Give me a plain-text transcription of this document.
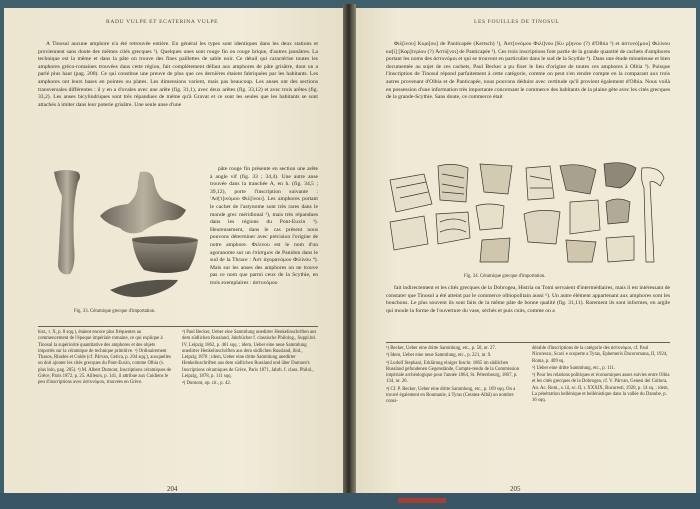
RADU VULPE ET ECATERINA VULPE

A Tinosul aucune amphore n'a été retrouvée entière. En général les types sont identiques dans les deux stations et proviennent sans doute des mêmes cités grecques ¹). Quelques unes sont rouge fin ou rouge brique, d'autres jaunâtres. La technique est la même et dans la pâte on trouve des fines paillettes de sable noir. Ce détail qui caractérise toutes les amphores gréco-romaines trouvées dans cette région, fait complètement défaut aux amphores de pâte grisâtre, dont on a parlé plus haut (pag. 200). Ce qui constitue une preuve de plus que ces dernières étaient fabriquées par les habitants. Les amphores ont leurs bases en pointes ou plates. Les dimensions varient, mais pas beaucoup. Les anses ont des sections transversales différentes : il y en a d'ovales avec une arête (fig. 31,1), avec deux arêtes (fig. 33,12) et avec trois arêtes (fig. 33,2). Les anses bicylindriques sont très répandues de même qu'à Gravat et ce sont les seules que les habitants se sont attachés à imiter dans leur poterie grisâtre. Une seule anse d'une

Fig. 33. Céramique grecque d'importation.

pâte rouge fin présente en section une arête à angle vif (fig. 33 ; 34,4). Une autre anse trouvée dans la tranchée A, en h. (fig. 34,5 ; 39,12), porte l'inscription suivante : ʹΑσ[τ]ινόμου Φιλ[ίνου]. Les amphores portant le cachet de l'astynome sont très rares dans le monde grec méridional ²), mais très répandues dans les régions du Pont-Euxin ³). Heureusement, dans le cas présent nous pouvons déterminer avec précision l'origine de notre amphore. Φιλίνου est le nom d'un agoranome sur un ἐπίσημον de Panidon dans le sud de la Thrace : Ἀστ ἀγορανόμου Φιλίνου ⁴). Mais sur les anses des amphores on ne trouve pas ce nom que parmi ceux de la Scythie, en trois exemplaires : ἀστυνόμου

hist., t. X, p. 8 sqq.), étaient encore plus fréquentes au commencement de l'époque impériale romaine, ce qui explique à Tinosul la supériorité quantitative des amphores et des objets importés sur la céramique de technique primitive. ¹) Ordinairement Thasos, Rhodes et Cnide (cf. Pârvan, Getica, p. 204 sqq.), auxquelles on doit ajouter les cités grecques du Pont-Euxin, comme Olbia (v. plus loin, pag. 205). ²) M. Albert Dumont, Inscriptions céramiques de Grèce, Paris 1872, p. 25. Ailleurs, p. 141, il attribue aux Cnidiens le peu d'inscriptions avec ἀστυνόμου, trouvées en Grèce.

³) Paul Becker, Ueber eine Sammlung unedirter Henkelinschriften aus dem südlichen Russland, Jahrbücher f. classische Philolog., Suppl.bd. IV, Leipzig 1862, p. 461 sqq. ; idem, Ueber eine neue Sammlung unedirter Henkelinschriften aus dem südlichen Russland, ibid., Leipzig 1878 ; idem, Ueber eine dritte Sammlung unedirter Henkelinschriften aus dem südlichen Russland und über Dumont's Inscriptions céramiques de Grèce, Paris 1871, Jahrb. f. class. Philol., Leipzig, 1878, p. 111 sqq.

⁴) Dumont, op. cit., p. 42.

204
LES FOUILLES DE TINOSUL

Φιλ[ίνου] Κυρί[ου] de Panticapée (Kertsch) ¹), Ἀστ[υνόμου Φιλί]νου [Κυ ρ]ηνου (?) d'Olbia ²) et ἀστυνό[μου] Φιλίνου κα[ὶ] [Καρ]τερίου (?) Ἀστύ[νοι] de Panticapée ³). Ces trois inscriptions font partie de la grande quantité de cachets d'amphores portant les noms des ἀστυνόμοι et qui se trouvent en particulier dans le sud de la Scythie ⁴). Dans une étude minutieuse et bien documentée au sujet de ces cachets, Paul Becker a pu fixer le lieu d'origine de toutes ces amphores à Olbia ⁵). Puisque l'inscription de Tinosul répond parfaitement à cette catégorie, comme on peut s'en rendre compte en la comparant aux trois autres provenant d'Olbia et de Panticapée, nous pouvons déduire avec certitude qu'il provient également d'Olbia. Nous voilà en possession d'une information très importante concernant le commerce des habitants de la plaine gète avec les cités grecques de la grande-Scythie. Sans doute, ce commerce était

Fig. 34. Céramique grecque d'importation.

fait indirectement et les cités grecques de la Dobrogea, Histria ou Tomi servaient d'intermédiaires, mais il est intéressant de constater que Tinosul a été atteint par le commerce olbiopolitain aussi ⁶). Un autre élément appartenant aux amphores sont les bouchons. Le plus souvent ils sont faits de la même pâte de bonne qualité (fig. 31,11). Rarement ils sont informes, en argile qui moule la forme de l'ouverture du vase, séchés et puis cuits, comme on a

¹) Becker, Ueber eine dritte Sammlung, etc., p. 50, nr. 27.

²) Idem, Ueber eine neue Sammlung, etc., p. 221, nr. 9.

³) Ludolf Stephani, Erklärung einiger Inschr. 1865 im südlichen Russland gefundenen Gegenstände, Compte-rendu de la Commission impériale archéologique pour l'année 1864, St. Pétersbourg, 1867, p. 134, nr. 26.

⁴) Cf. P. Becker, Ueber eine dritte Sammlung, etc., p. 169 sqq. On a trouvé également en Roumanie, à Tyras (Cetatea-Albă) un nombre consi-

dérable d'inscriptions de la catégorie des ἀστυνόμοι, cf. Paul Nicorescu, Scavi e scoperte a Tyras, Ephemeris Dacoromana, II, 1924, Roma, p. 409 sq.

⁵) Ueber eine dritte Sammlung, etc., p. 111.

⁶) Pour les relations politiques et économiques assez suivies entre Olbia et les cités grecques de la Dobrogea, cf. V. Pârvan, Genesi dei Cultura, An. Ac. Rom., s. iii, sc. II, t. XXXIX, Bucuresti, 1920, p. 14 sq. ; idem, La pénétration hellénique et hellénistique dans la vallée du Danube, p. 16 sqq.

205
